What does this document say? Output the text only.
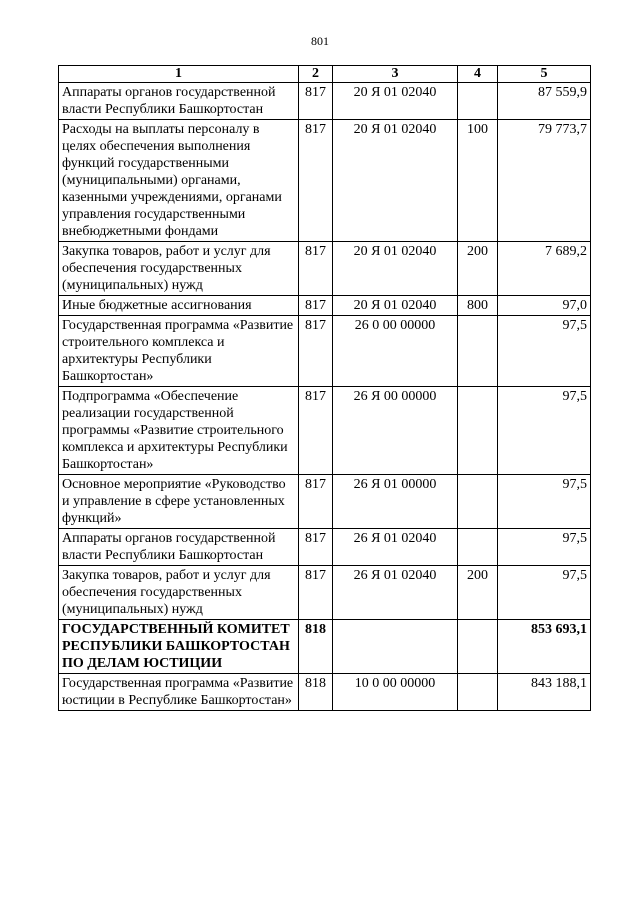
801
1	2	3	4	5
Аппараты органов государственной власти Республики Башкортостан	817	20 Я 01 02040		87 559,9
Расходы на выплаты персоналу в целях обеспечения выполнения функций государственными (муниципальными) органами, казенными учреждениями, органами управления государственными внебюджетными фондами	817	20 Я 01 02040	100	79 773,7
Закупка товаров, работ и услуг для обеспечения государственных (муниципальных) нужд	817	20 Я 01 02040	200	7 689,2
Иные бюджетные ассигнования	817	20 Я 01 02040	800	97,0
Государственная программа «Развитие строительного комплекса и архитектуры Республики Башкортостан»	817	26 0 00 00000		97,5
Подпрограмма «Обеспечение реализации государственной программы «Развитие строительного комплекса и архитектуры Республики Башкортостан»	817	26 Я 00 00000		97,5
Основное мероприятие «Руководство и управление в сфере установленных функций»	817	26 Я 01 00000		97,5
Аппараты органов государственной власти Республики Башкортостан	817	26 Я 01 02040		97,5
Закупка товаров, работ и услуг для обеспечения государственных (муниципальных) нужд	817	26 Я 01 02040	200	97,5
ГОСУДАРСТВЕННЫЙ КОМИТЕТ РЕСПУБЛИКИ БАШКОРТОСТАН ПО ДЕЛАМ ЮСТИЦИИ	818			853 693,1
Государственная программа «Развитие юстиции в Республике Башкортостан»	818	10 0 00 00000		843 188,1
